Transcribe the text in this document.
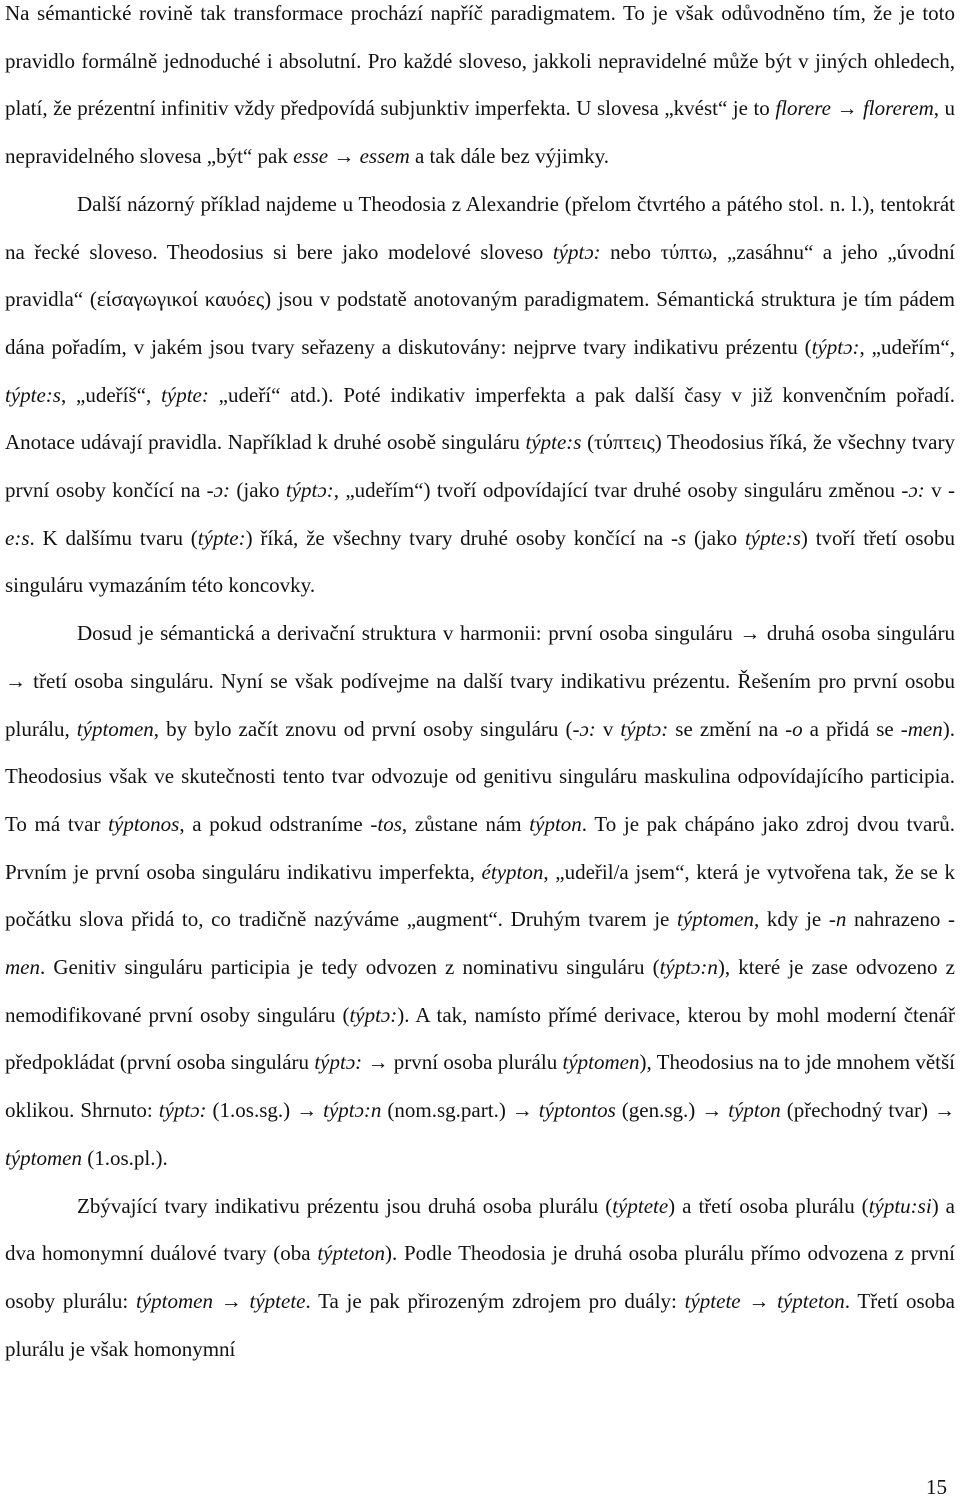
Na sémantické rovině tak transformace prochází napříč paradigmatem. To je však odůvodněno tím, že je toto pravidlo formálně jednoduché i absolutní. Pro každé sloveso, jakkoli nepravidelné může být v jiných ohledech, platí, že prézentní infinitiv vždy předpovídá subjunktiv imperfekta. U slovesa „kvést“ je to florere → florerem, u nepravidelného slovesa „být“ pak esse → essem a tak dále bez výjimky.

Další názorný příklad najdeme u Theodosia z Alexandrie (přelom čtvrtého a pátého stol. n. l.), tentokrát na řecké sloveso. Theodosius si bere jako modelové sloveso týptɔ: nebo τύπτω, „zasáhnu“ a jeho „úvodní pravidla“ (είσαγωγικοί καυόες) jsou v podstatě anotovaným paradigmatem. Sémantická struktura je tím pádem dána pořadím, v jakém jsou tvary seřazeny a diskutovány: nejprve tvary indikativu prézentu (týptɔ:, „udeřím“, týpte:s, „udeříš“, týpte: „udeří“ atd.). Poté indikativ imperfekta a pak další časy v již konvenčním pořadí. Anotace udávají pravidla. Například k druhé osobě singuláru týpte:s (τύπτεις) Theodosius říká, že všechny tvary první osoby končící na -ɔ: (jako týptɔ:, „udeřím“) tvoří odpovídající tvar druhé osoby singuláru změnou -ɔ: v -e:s. K dalšímu tvaru (týpte:) říká, že všechny tvary druhé osoby končící na -s (jako týpte:s) tvoří třetí osobu singuláru vymazáním této koncovky.

Dosud je sémantická a derivační struktura v harmonii: první osoba singuláru → druhá osoba singuláru → třetí osoba singuláru. Nyní se však podívejme na další tvary indikativu prézentu. Řešením pro první osobu plurálu, týptomen, by bylo začít znovu od první osoby singuláru (-ɔ: v týptɔ: se změní na -o a přidá se -men). Theodosius však ve skutečnosti tento tvar odvozuje od genitivu singuláru maskulina odpovídajícího participia. To má tvar týptonos, a pokud odstraníme -tos, zůstane nám týpton. To je pak chápáno jako zdroj dvou tvarů. Prvním je první osoba singuláru indikativu imperfekta, étypton, „udeřil/a jsem“, která je vytvořena tak, že se k počátku slova přidá to, co tradičně nazýváme „augment“. Druhým tvarem je týptomen, kdy je -n nahrazeno -men. Genitiv singuláru participia je tedy odvozen z nominativu singuláru (týptɔ:n), které je zase odvozeno z nemodifikované první osoby singuláru (týptɔ:). A tak, namísto přímé derivace, kterou by mohl moderní čtenář předpokládat (první osoba singuláru týptɔ: → první osoba plurálu týptomen), Theodosius na to jde mnohem větší oklikou. Shrnuto: týptɔ: (1.os.sg.) → týptɔ:n (nom.sg.part.) → týptontos (gen.sg.) → týpton (přechodný tvar) → týptomen (1.os.pl.).

Zbývající tvary indikativu prézentu jsou druhá osoba plurálu (týptete) a třetí osoba plurálu (týptu:si) a dva homonymní duálové tvary (oba týpteton). Podle Theodosia je druhá osoba plurálu přímo odvozena z první osoby plurálu: týptomen → týptete. Ta je pak přirozeným zdrojem pro duály: týptete → týpteton. Třetí osoba plurálu je však homonymní

15
